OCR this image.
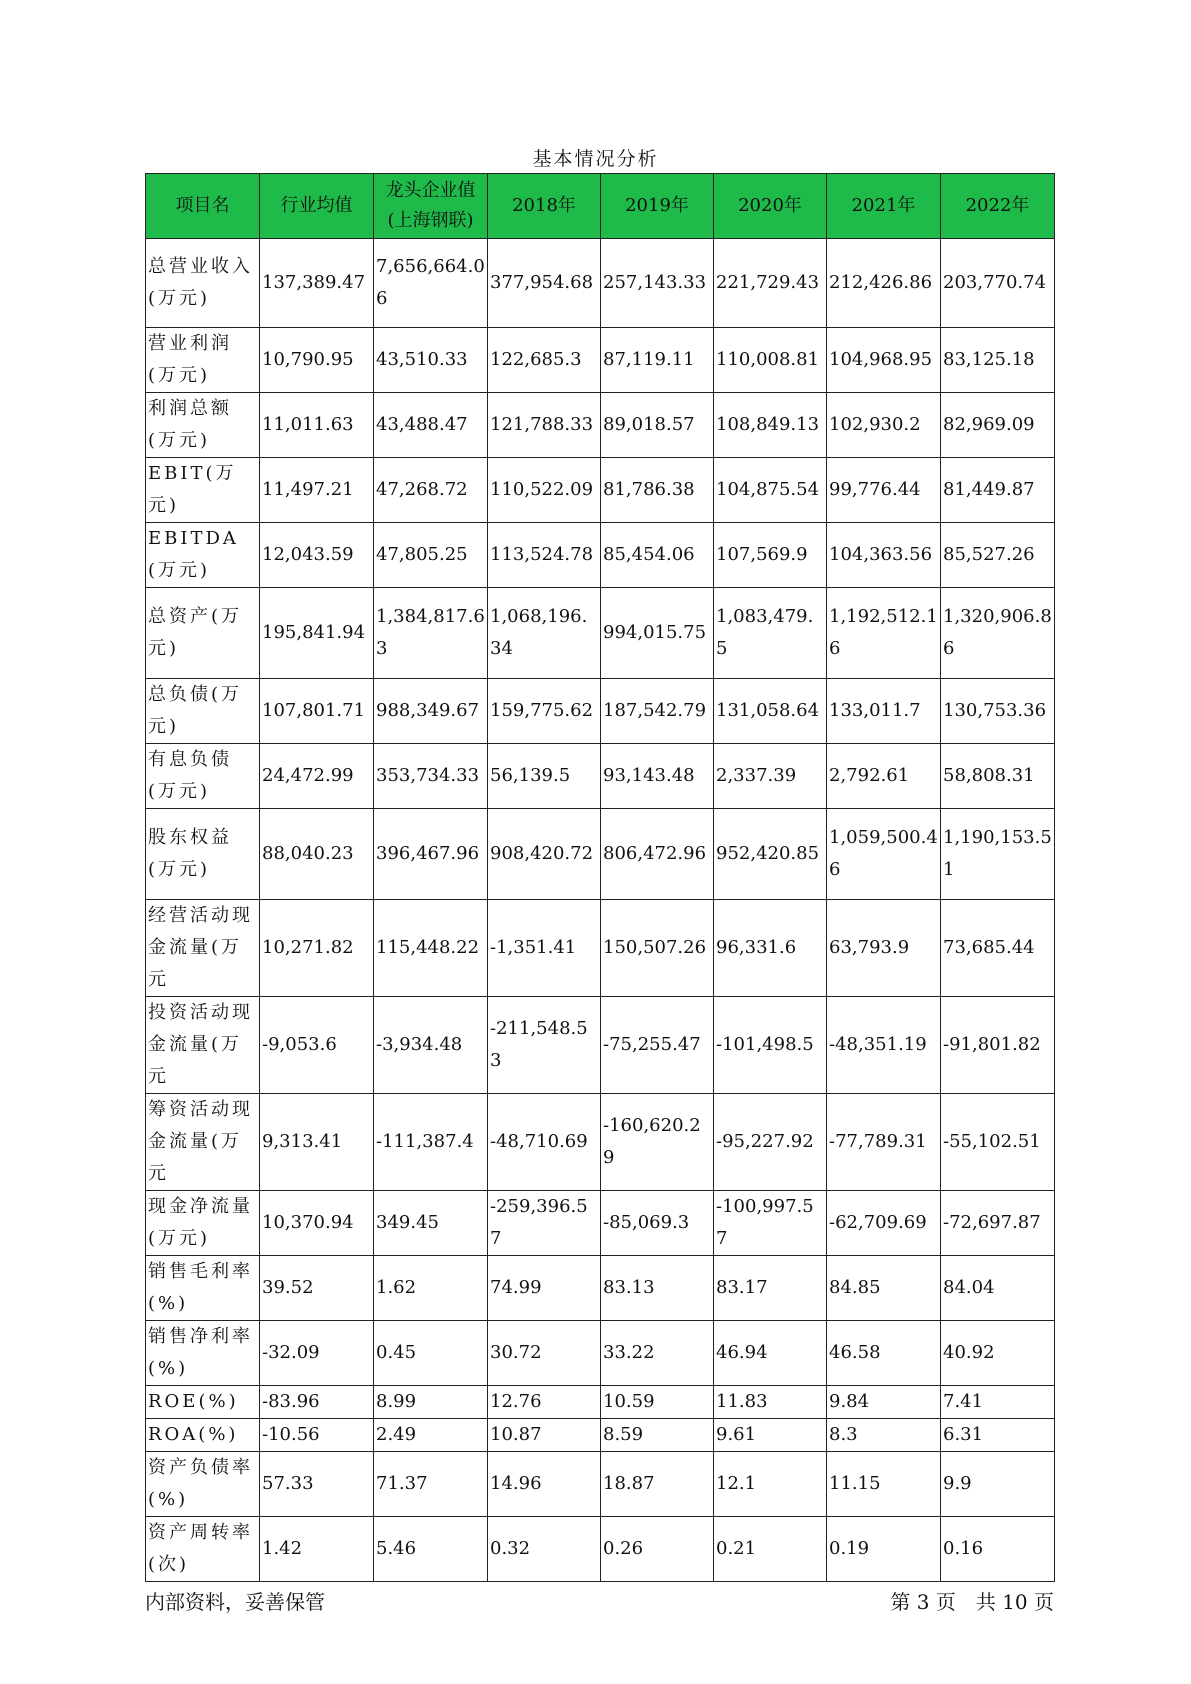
基本情况分析
项目名	行业均值	龙头企业值(上海钢联)	2018年	2019年	2020年	2021年	2022年
总营业收入(万元)	137,389.47	7,656,664.06	377,954.68	257,143.33	221,729.43	212,426.86	203,770.74
营业利润(万元)	10,790.95	43,510.33	122,685.3	87,119.11	110,008.81	104,968.95	83,125.18
利润总额(万元)	11,011.63	43,488.47	121,788.33	89,018.57	108,849.13	102,930.2	82,969.09
EBIT(万元)	11,497.21	47,268.72	110,522.09	81,786.38	104,875.54	99,776.44	81,449.87
EBITDA(万元)	12,043.59	47,805.25	113,524.78	85,454.06	107,569.9	104,363.56	85,527.26
总资产(万元)	195,841.94	1,384,817.63	1,068,196.34	994,015.75	1,083,479.5	1,192,512.16	1,320,906.86
总负债(万元)	107,801.71	988,349.67	159,775.62	187,542.79	131,058.64	133,011.7	130,753.36
有息负债(万元)	24,472.99	353,734.33	56,139.5	93,143.48	2,337.39	2,792.61	58,808.31
股东权益(万元)	88,040.23	396,467.96	908,420.72	806,472.96	952,420.85	1,059,500.46	1,190,153.51
经营活动现金流量(万元	10,271.82	115,448.22	-1,351.41	150,507.26	96,331.6	63,793.9	73,685.44
投资活动现金流量(万元	-9,053.6	-3,934.48	-211,548.53	-75,255.47	-101,498.5	-48,351.19	-91,801.82
筹资活动现金流量(万元	9,313.41	-111,387.4	-48,710.69	-160,620.29	-95,227.92	-77,789.31	-55,102.51
现金净流量(万元)	10,370.94	349.45	-259,396.57	-85,069.3	-100,997.57	-62,709.69	-72,697.87
销售毛利率(%)	39.52	1.62	74.99	83.13	83.17	84.85	84.04
销售净利率(%)	-32.09	0.45	30.72	33.22	46.94	46.58	40.92
ROE(%)	-83.96	8.99	12.76	10.59	11.83	9.84	7.41
ROA(%)	-10.56	2.49	10.87	8.59	9.61	8.3	6.31
资产负债率(%)	57.33	71.37	14.96	18.87	12.1	11.15	9.9
资产周转率(次)	1.42	5.46	0.32	0.26	0.21	0.19	0.16
内部资料，妥善保管	第 3 页　共 10 页
